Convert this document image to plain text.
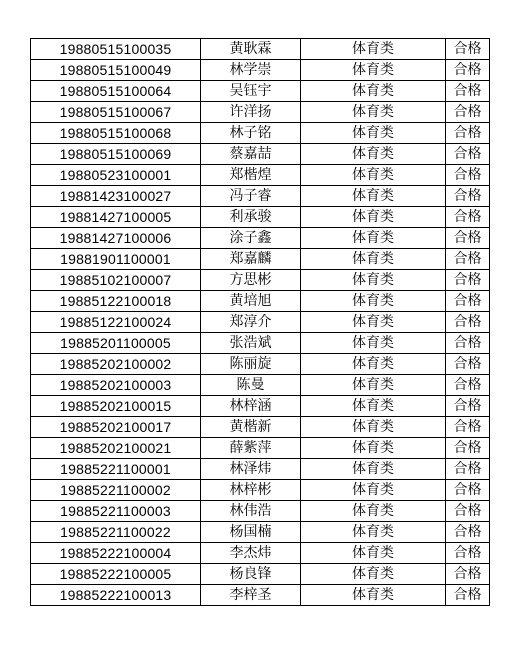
19880515100035	黄耿霖	体育类	合格
19880515100049	林学崇	体育类	合格
19880515100064	吴钰宇	体育类	合格
19880515100067	许洋扬	体育类	合格
19880515100068	林子铭	体育类	合格
19880515100069	蔡嘉喆	体育类	合格
19880523100001	郑楷煌	体育类	合格
19881423100027	冯子睿	体育类	合格
19881427100005	利承骏	体育类	合格
19881427100006	涂子鑫	体育类	合格
19881901100001	郑嘉麟	体育类	合格
19885102100007	方思彬	体育类	合格
19885122100018	黄培旭	体育类	合格
19885122100024	郑淳介	体育类	合格
19885201100005	张浩斌	体育类	合格
19885202100002	陈丽旋	体育类	合格
19885202100003	陈曼	体育类	合格
19885202100015	林梓涵	体育类	合格
19885202100017	黄楷新	体育类	合格
19885202100021	薛紫萍	体育类	合格
19885221100001	林泽炜	体育类	合格
19885221100002	林梓彬	体育类	合格
19885221100003	林伟浩	体育类	合格
19885221100022	杨国楠	体育类	合格
19885222100004	李杰炜	体育类	合格
19885222100005	杨良锋	体育类	合格
19885222100013	李梓圣	体育类	合格
